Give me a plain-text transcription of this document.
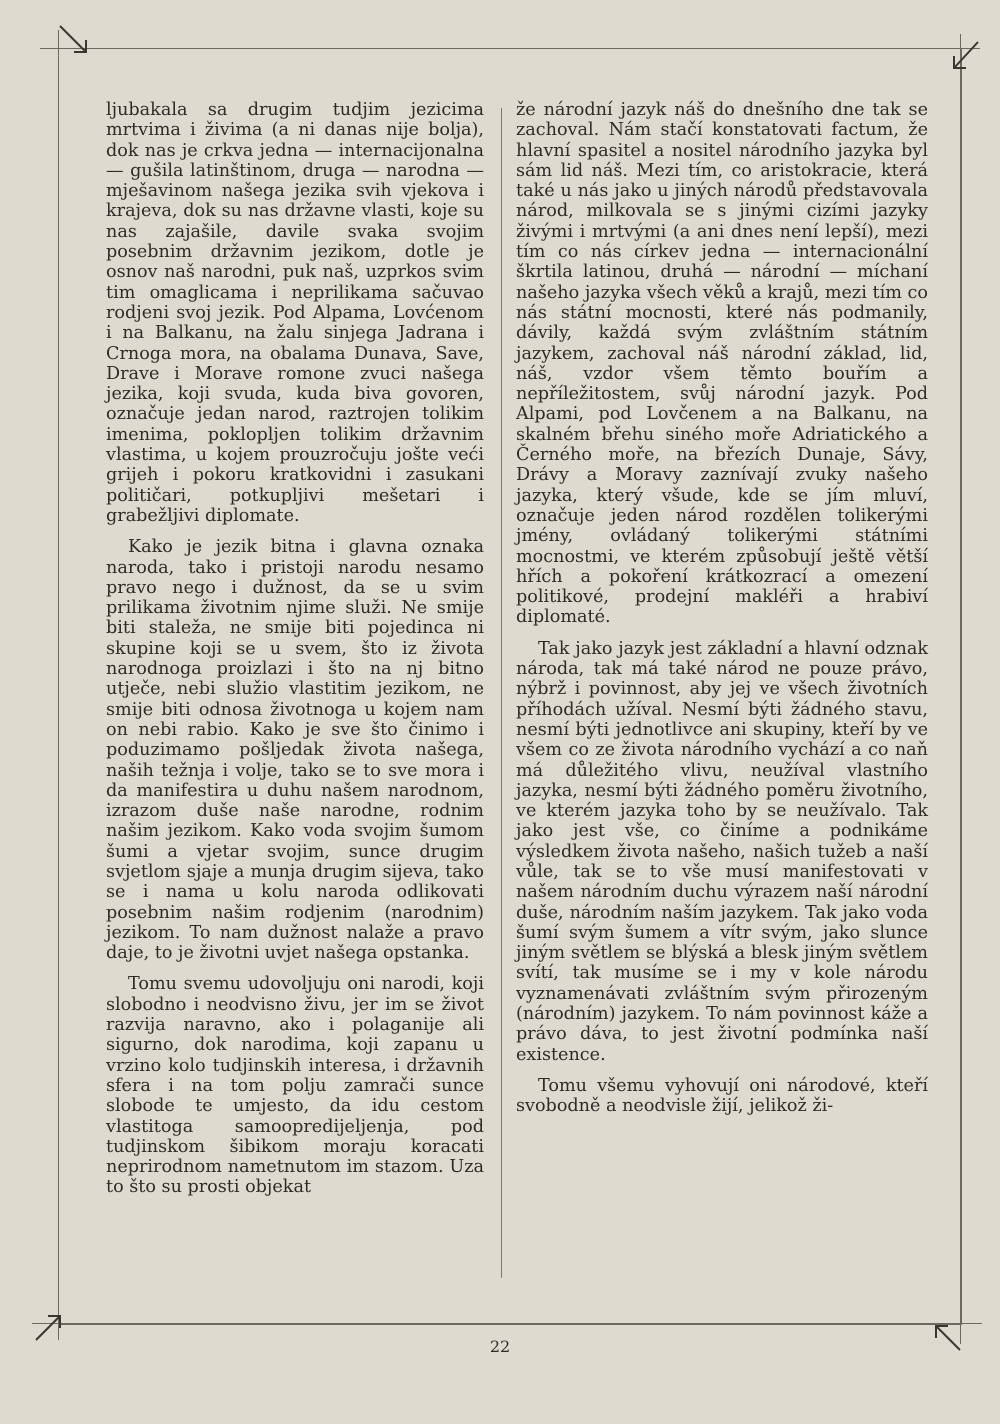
ljubakala sa drugim tudjim jezicima mrtvima i živima (a ni danas nije bolja), dok nas je crkva jedna — internacijonalna — gušila latinštinom, druga — narodna — mješavinom našega jezika svih vjekova i krajeva, dok su nas državne vlasti, koje su nas zajašile, davile svaka svojim posebnim državnim jezikom, dotle je osnov naš narodni, puk naš, uzprkos svim tim omaglicama i neprilikama sačuvao rodjeni svoj jezik. Pod Alpama, Lovćenom i na Balkanu, na žalu sinjega Jadrana i Crnoga mora, na obalama Dunava, Save, Drave i Morave romone zvuci našega jezika, koji svuda, kuda biva govoren, označuje jedan narod, raztrojen tolikim imenima, poklopljen tolikim državnim vlastima, u kojem prouzročuju jošte veći grijeh i pokoru kratkovidni i zasukani političari, potkupljivi mešetari i grabežljivi diplomate.

Kako je jezik bitna i glavna oznaka naroda, tako i pristoji narodu nesamo pravo nego i dužnost, da se u svim prilikama životnim njime služi. Ne smije biti staleža, ne smije biti pojedinca ni skupine koji se u svem, što iz života narodnoga proizlazi i što na nj bitno utječe, nebi služio vlastitim jezikom, ne smije biti odnosa životnoga u kojem nam on nebi rabio. Kako je sve što činimo i poduzimamo pošljedak života našega, naših težnja i volje, tako se to sve mora i da manifestira u duhu našem narodnom, izrazom duše naše narodne, rodnim našim jezikom. Kako voda svojim šumom šumi a vjetar svojim, sunce drugim svjetlom sjaje a munja drugim sijeva, tako se i nama u kolu naroda odlikovati posebnim našim rodjenim (narodnim) jezikom. To nam dužnost nalaže a pravo daje, to je životni uvjet našega opstanka.

Tomu svemu udovoljuju oni narodi, koji slobodno i neodvisno živu, jer im se život razvija naravno, ako i polaganije ali sigurno, dok narodima, koji zapanu u vrzino kolo tudjinskih interesa, i državnih sfera i na tom polju zamrači sunce slobode te umjesto, da idu cestom vlastitoga samoopredijeljenja, pod tudjinskom šibikom moraju koracati neprirodnom nametnutom im stazom. Uza to što su prosti objekat

že národní jazyk náš do dnešního dne tak se zachoval. Nám stačí konstatovati factum, že hlavní spasitel a nositel národního jazyka byl sám lid náš. Mezi tím, co aristokracie, která také u nás jako u jiných národů představovala národ, milkovala se s jinými cizími jazyky živými i mrtvými (a ani dnes není lepší), mezi tím co nás církev jedna — internacionální škrtila latinou, druhá — národní — míchaní našeho jazyka všech věků a krajů, mezi tím co nás státní mocnosti, které nás podmanily, dávily, každá svým zvláštním státním jazykem, zachoval náš národní základ, lid, náš, vzdor všem těmto bouřím a nepříležitostem, svůj národní jazyk. Pod Alpami, pod Lovčenem a na Balkanu, na skalném břehu siného moře Adriatického a Černého moře, na březích Dunaje, Sávy, Drávy a Moravy zaznívají zvuky našeho jazyka, který všude, kde se jím mluví, označuje jeden národ rozdělen tolikerými jmény, ovládaný tolikerými státními mocnostmi, ve kterém způsobují ještě větší hřích a pokoření krátkozrací a omezení politikové, prodejní makléři a hrabiví diplomaté.

Tak jako jazyk jest základní a hlavní odznak národa, tak má také národ ne pouze právo, nýbrž i povinnost, aby jej ve všech životních příhodách užíval. Nesmí býti žádného stavu, nesmí býti jednotlivce ani skupiny, kteří by ve všem co ze života národního vychází a co naň má důležitého vlivu, neužíval vlastního jazyka, nesmí býti žádného poměru životního, ve kterém jazyka toho by se neužívalo. Tak jako jest vše, co činíme a podnikáme výsledkem života našeho, našich tužeb a naší vůle, tak se to vše musí manifestovati v našem národním duchu výrazem naší národní duše, národním naším jazykem. Tak jako voda šumí svým šumem a vítr svým, jako slunce jiným světlem se blýská a blesk jiným světlem svítí, tak musíme se i my v kole národu vyznamenávati zvláštním svým přirozeným (národním) jazykem. To nám povinnost káže a právo dáva, to jest životní podmínka naší existence.

Tomu všemu vyhovují oni národové, kteří svobodně a neodvisle žijí, jelikož ži-

22
